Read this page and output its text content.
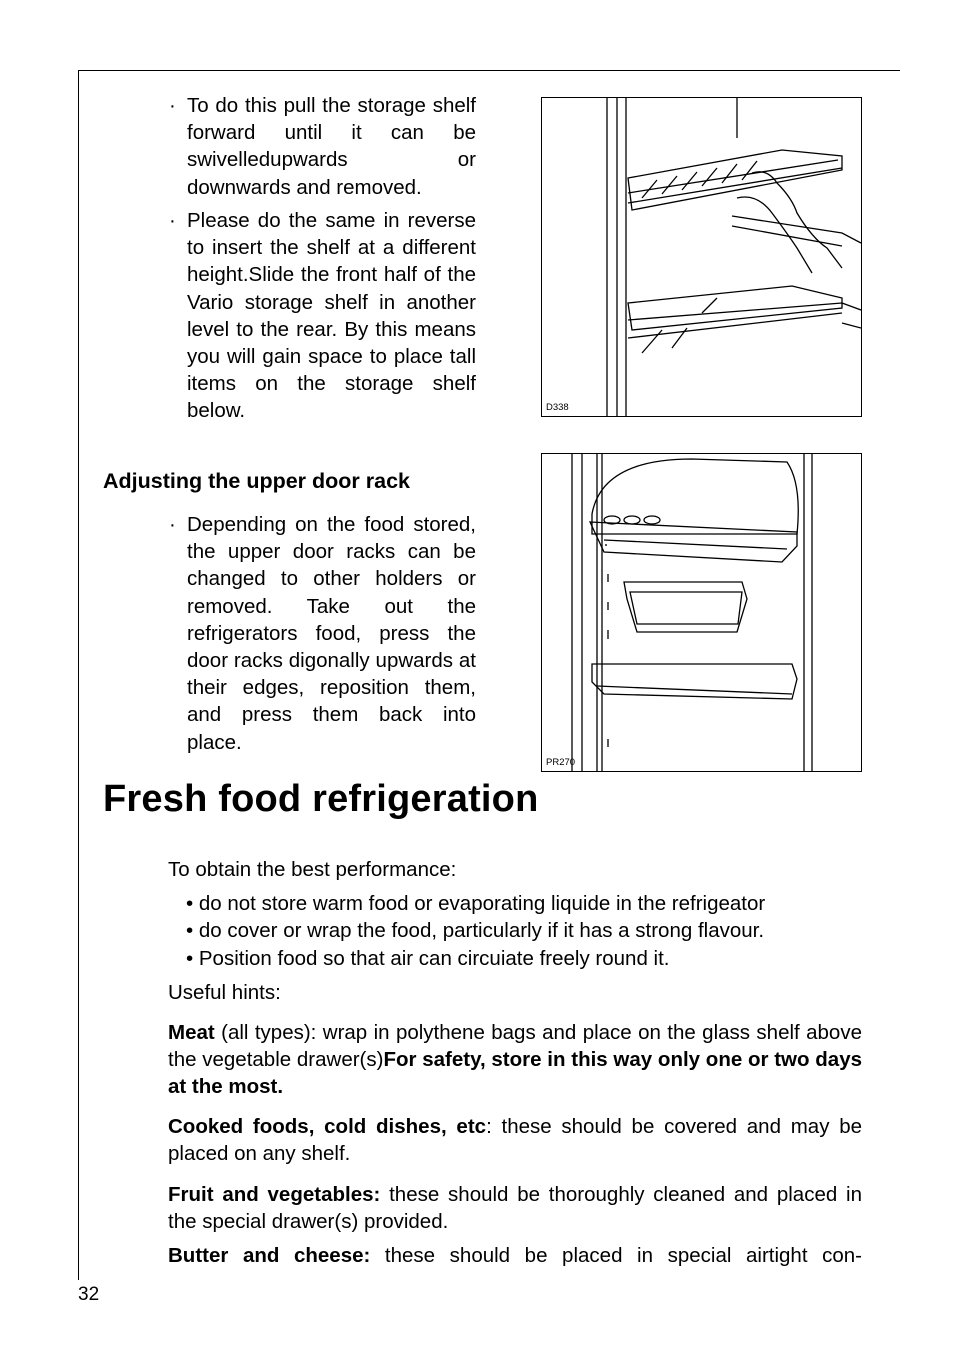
· To do this pull the storage shelf forward until it can be swivelledupwards or downwards and removed.
· Please do the same in reverse to insert the shelf at a different height.Slide the front half of the Vario storage shelf in another level to the rear. By this means you will gain space to place tall items on the storage shelf below.	D338
Adjusting the upper door rack
· Depending on the food stored, the upper door racks can be changed to other holders or removed. Take out the refrigerators food, press the door racks digonally upwards at their edges, reposition them, and press them back into place.
PR270
Fresh food refrigeration
To obtain the best performance:
• do not store warm food or evaporating liquide in the refrigeator
• do cover or wrap the food, particularly if it has a strong flavour.
• Position food so that air can circuiate freely round it.
Useful hints:

Meat (all types): wrap in polythene bags and place on the glass shelf above the vegetable drawer(s)For safety, store in this way only one or two days at the most.

Cooked foods, cold dishes, etc: these should be covered and may be placed on any shelf.

Fruit and vegetables: these should be thoroughly cleaned and placed in the special drawer(s) provided.

Butter and cheese: these should be placed in special airtight con-

32
